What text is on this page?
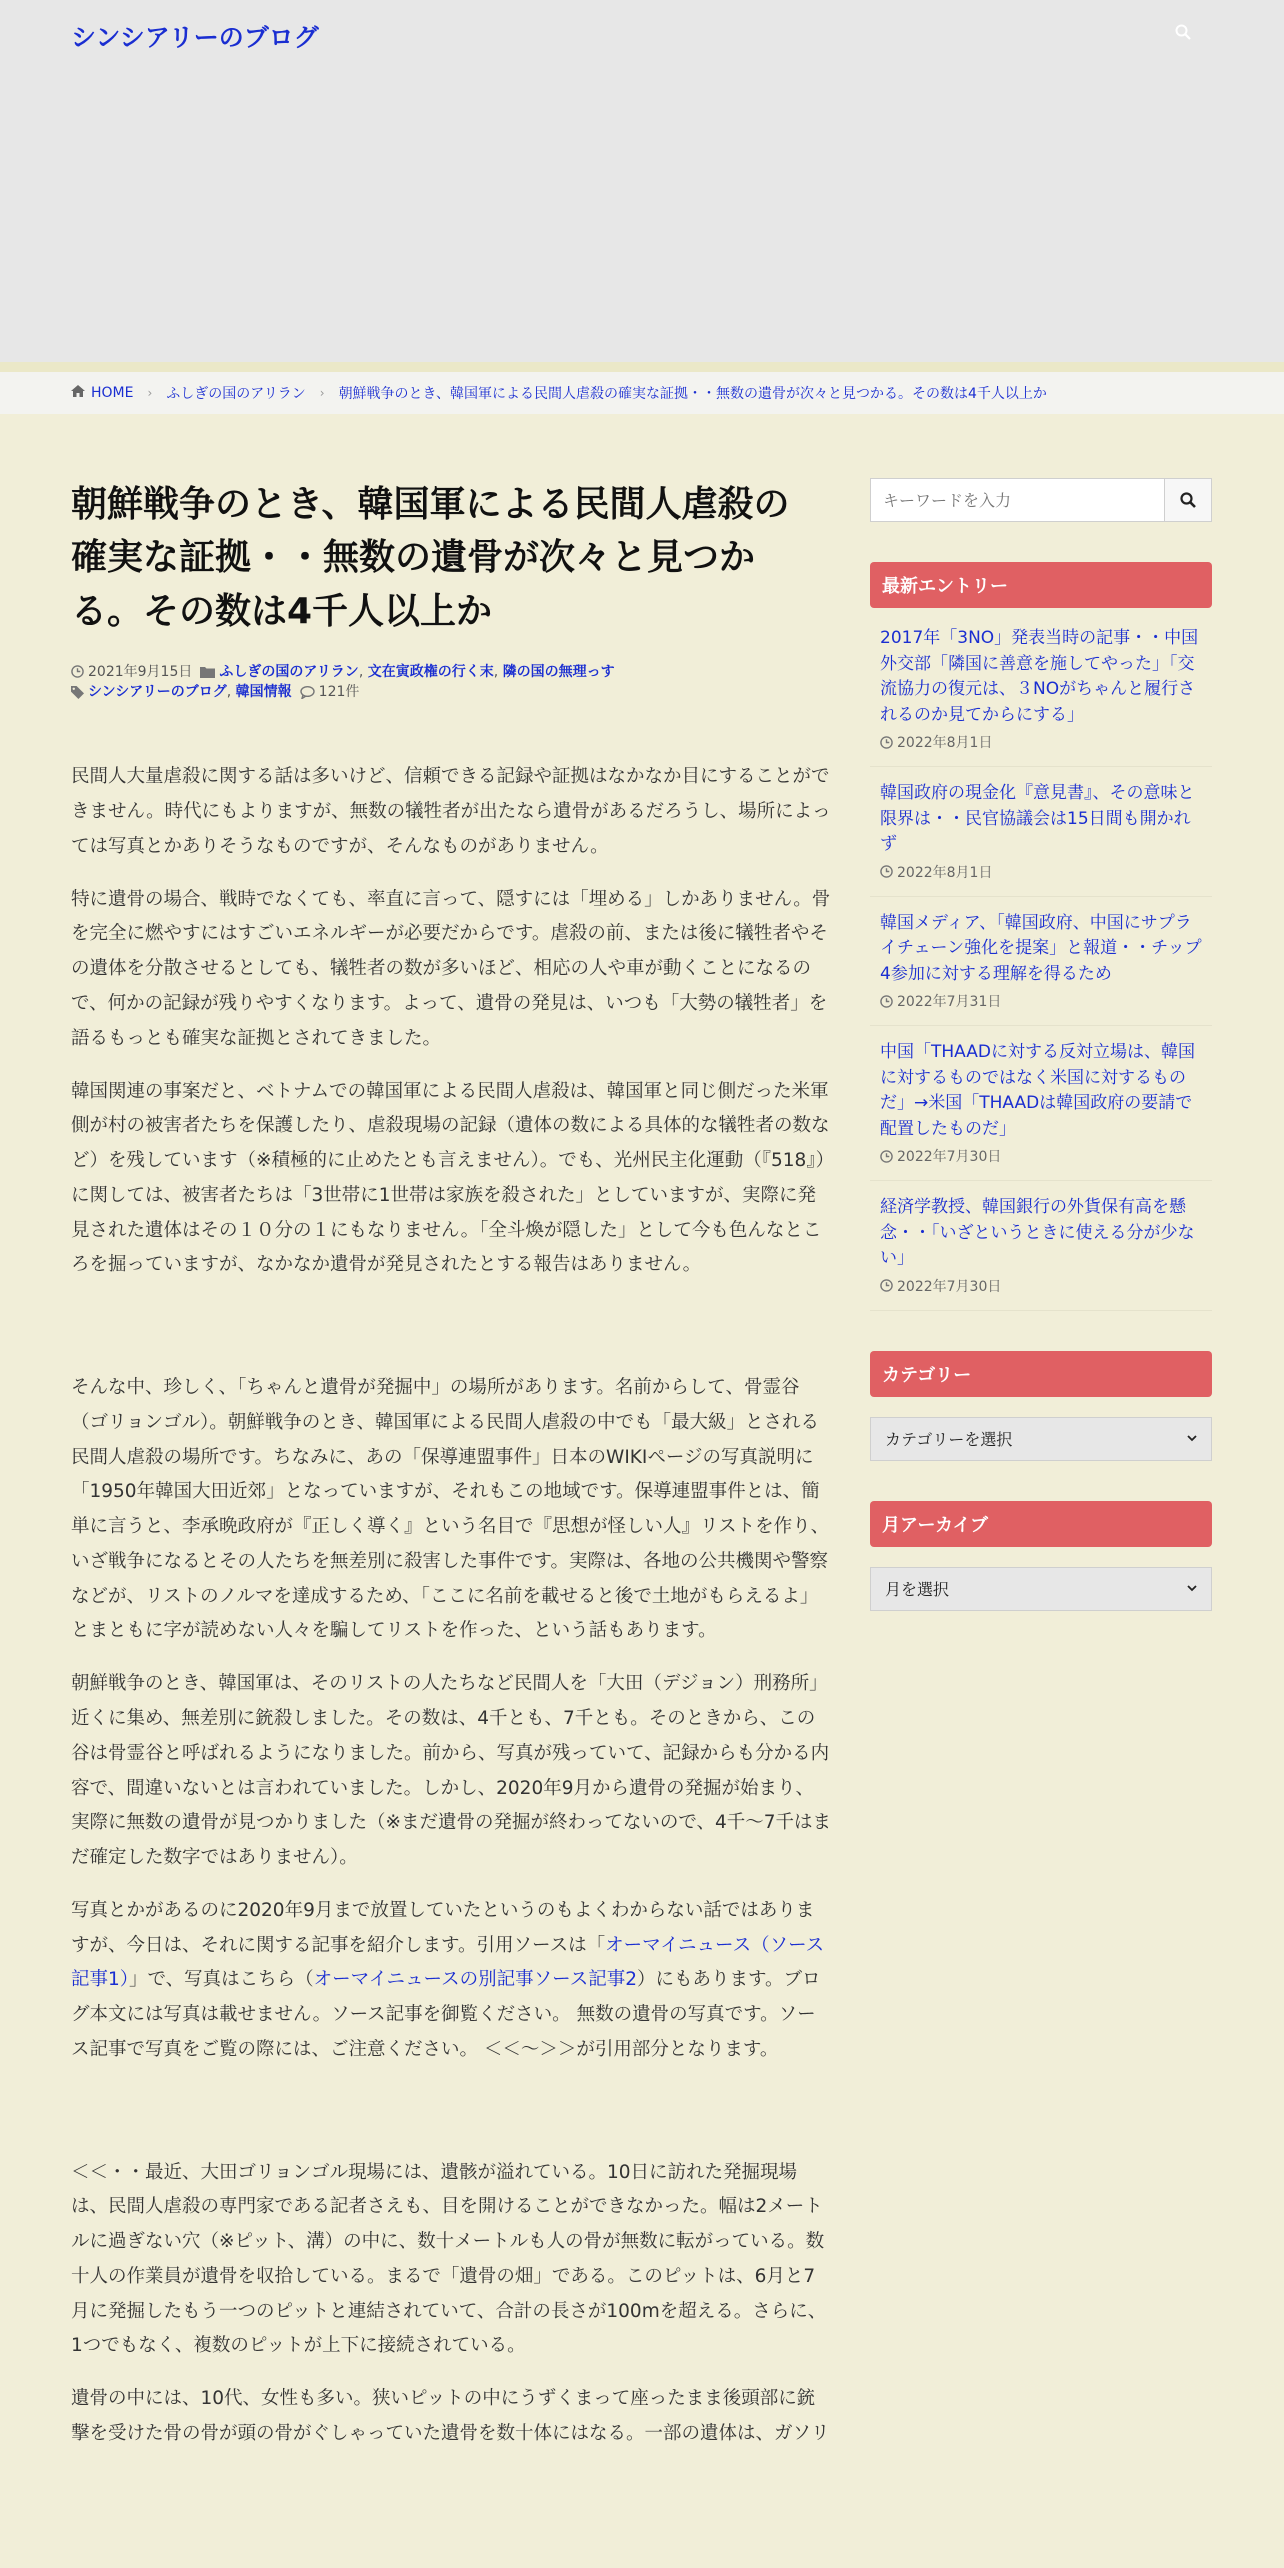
シンシアリーのブログ
HOME › ふしぎの国のアリラン › 朝鮮戦争のとき、韓国軍による民間人虐殺の確実な証拠・・無数の遺骨が次々と見つかる。その数は4千人以上か
朝鮮戦争のとき、韓国軍による民間人虐殺の確実な証拠・・無数の遺骨が次々と見つかる。その数は4千人以上か
2021年9月15日 ふしぎの国のアリラン , 文在寅政権の行く末 , 隣の国の無理っす
シンシアリーのブログ , 韓国情報 121件

民間人大量虐殺に関する話は多いけど、信頼できる記録や証拠はなかなか目にすることができません。時代にもよりますが、無数の犠牲者が出たなら遺骨があるだろうし、場所によっては写真とかありそうなものですが、そんなものがありません。

特に遺骨の場合、戦時でなくても、率直に言って、隠すには「埋める」しかありません。骨を完全に燃やすにはすごいエネルギーが必要だからです。虐殺の前、または後に犠牲者やその遺体を分散させるとしても、犠牲者の数が多いほど、相応の人や車が動くことになるので、何かの記録が残りやすくなります。よって、遺骨の発見は、いつも「大勢の犠牲者」を語るもっとも確実な証拠とされてきました。

韓国関連の事案だと、ベトナムでの韓国軍による民間人虐殺は、韓国軍と同じ側だった米軍側が村の被害者たちを保護したり、虐殺現場の記録（遺体の数による具体的な犠牲者の数など）を残しています（※積極的に止めたとも言えません）。でも、光州民主化運動（『518』）に関しては、被害者たちは「3世帯に1世帯は家族を殺された」としていますが、実際に発見された遺体はその１０分の１にもなりません。「全斗煥が隠した」として今も色んなところを掘っていますが、なかなか遺骨が発見されたとする報告はありません。

そんな中、珍しく、「ちゃんと遺骨が発掘中」の場所があります。名前からして、骨霊谷（ゴリョンゴル）。朝鮮戦争のとき、韓国軍による民間人虐殺の中でも「最大級」とされる民間人虐殺の場所です。ちなみに、あの「保導連盟事件」日本のWIKIページの写真説明に「1950年韓国大田近郊」となっていますが、それもこの地域です。保導連盟事件とは、簡単に言うと、李承晩政府が『正しく導く』という名目で『思想が怪しい人』リストを作り、いざ戦争になるとその人たちを無差別に殺害した事件です。実際は、各地の公共機関や警察などが、リストのノルマを達成するため、「ここに名前を載せると後で土地がもらえるよ」とまともに字が読めない人々を騙してリストを作った、という話もあります。

朝鮮戦争のとき、韓国軍は、そのリストの人たちなど民間人を「大田（デジョン）刑務所」近くに集め、無差別に銃殺しました。その数は、4千とも、7千とも。そのときから、この谷は骨霊谷と呼ばれるようになりました。前から、写真が残っていて、記録からも分かる内容で、間違いないとは言われていました。しかし、2020年9月から遺骨の発掘が始まり、実際に無数の遺骨が見つかりました（※まだ遺骨の発掘が終わってないので、4千～7千はまだ確定した数字ではありません）。

写真とかがあるのに2020年9月まで放置していたというのもよくわからない話ではありますが、今日は、それに関する記事を紹介します。引用ソースは「オーマイニュース（ソース記事1）」で、写真はこちら（オーマイニュースの別記事ソース記事2）にもあります。ブログ本文には写真は載せません。ソース記事を御覧ください。 無数の遺骨の写真です。ソース記事で写真をご覧の際には、ご注意ください。 ＜＜～＞＞が引用部分となります。

＜＜・・最近、大田ゴリョンゴル現場には、遺骸が溢れている。10日に訪れた発掘現場は、民間人虐殺の専門家である記者さえも、目を開けることができなかった。幅は2メートルに過ぎない穴（※ピット、溝）の中に、数十メートルも人の骨が無数に転がっている。数十人の作業員が遺骨を収拾している。まるで「遺骨の畑」である。このピットは、6月と7月に発掘したもう一つのピットと連結されていて、合計の長さが100mを超える。さらに、1つでもなく、複数のピットが上下に接続されている。

遺骨の中には、10代、女性も多い。狭いピットの中にうずくまって座ったまま後頭部に銃撃を受けた骨の骨が頭の骨がぐしゃっていた遺骨を数十体にはなる。一部の遺体は、ガソリ

キーワードを入力
最新エントリー
2017年「3NO」発表当時の記事・・中国外交部「隣国に善意を施してやった」「交流協力の復元は、３NOがちゃんと履行されるのか見てからにする」
2022年8月1日
韓国政府の現金化『意見書』、その意味と限界は・・民官協議会は15日間も開かれず
2022年8月1日
韓国メディア、「韓国政府、中国にサプライチェーン強化を提案」と報道・・チップ4参加に対する理解を得るため
2022年7月31日
中国「THAADに対する反対立場は、韓国に対するものではなく米国に対するものだ」→米国「THAADは韓国政府の要請で配置したものだ」
2022年7月30日
経済学教授、韓国銀行の外貨保有高を懸念・・「いざというときに使える分が少ない」
2022年7月30日
カテゴリー
カテゴリーを選択
月アーカイブ
月を選択
